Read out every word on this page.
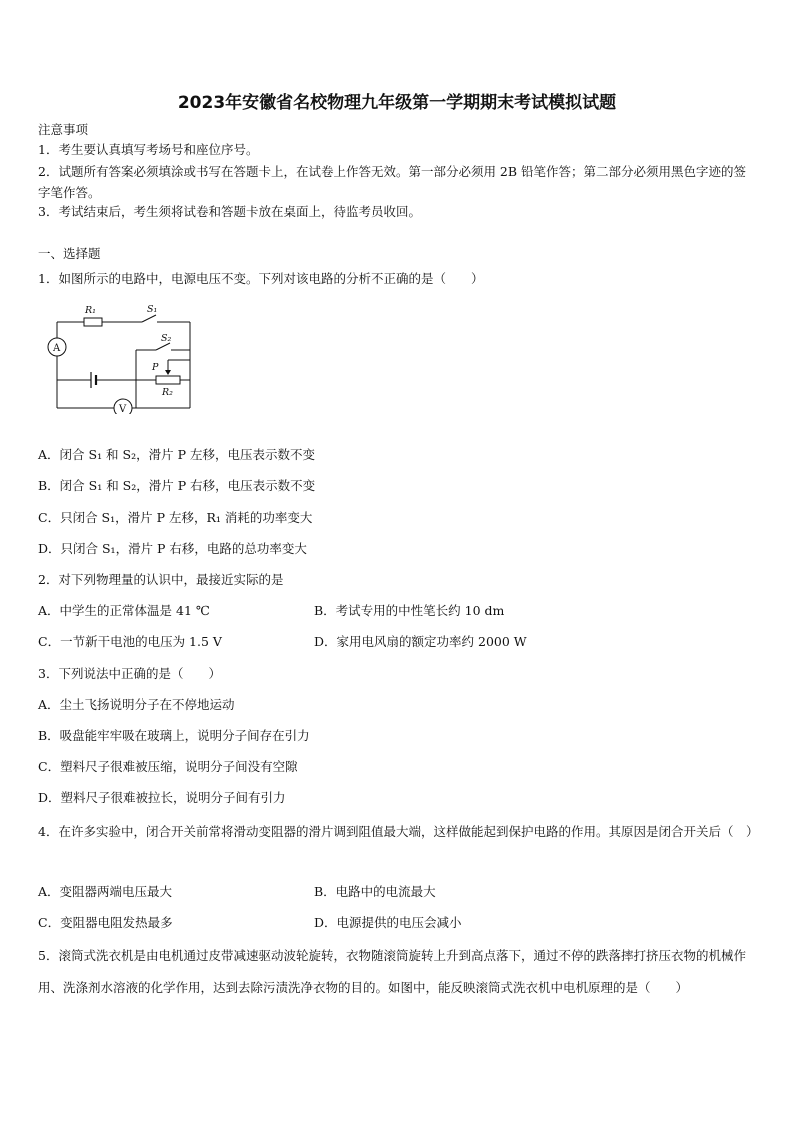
2023年安徽省名校物理九年级第一学期期末考试模拟试题
注意事项
1．考生要认真填写考场号和座位序号。
2．试题所有答案必须填涂或书写在答题卡上，在试卷上作答无效。第一部分必须用 2B 铅笔作答；第二部分必须用黑色字迹的签字笔作答。
3．考试结束后，考生须将试卷和答题卡放在桌面上，待监考员收回。
一、选择题
1．如图所示的电路中，电源电压不变。下列对该电路的分析不正确的是（　　）
A
V
R₁	S₁
S₂
P
R₂
A．闭合 S₁ 和 S₂，滑片 P 左移，电压表示数不变
B．闭合 S₁ 和 S₂，滑片 P 右移，电压表示数不变
C．只闭合 S₁，滑片 P 左移，R₁ 消耗的功率变大
D．只闭合 S₁，滑片 P 右移，电路的总功率变大
2．对下列物理量的认识中，最接近实际的是
A．中学生的正常体温是 41 ℃	B．考试专用的中性笔长约 10 dm
C．一节新干电池的电压为 1.5 V	D．家用电风扇的额定功率约 2000 W
3．下列说法中正确的是（　　）
A．尘土飞扬说明分子在不停地运动
B．吸盘能牢牢吸在玻璃上，说明分子间存在引力
C．塑料尺子很难被压缩，说明分子间没有空隙
D．塑料尺子很难被拉长，说明分子间有引力
4．在许多实验中，闭合开关前常将滑动变阻器的滑片调到阻值最大端，这样做能起到保护电路的作用。其原因是闭合开关后（　）
A．变阻器两端电压最大	B．电路中的电流最大
C．变阻器电阻发热最多	D．电源提供的电压会减小
5．滚筒式洗衣机是由电机通过皮带减速驱动波轮旋转，衣物随滚筒旋转上升到高点落下，通过不停的跌落摔打挤压衣物的机械作用、洗涤剂水溶液的化学作用，达到去除污渍洗净衣物的目的。如图中，能反映滚筒式洗衣机中电机原理的是（　　）
